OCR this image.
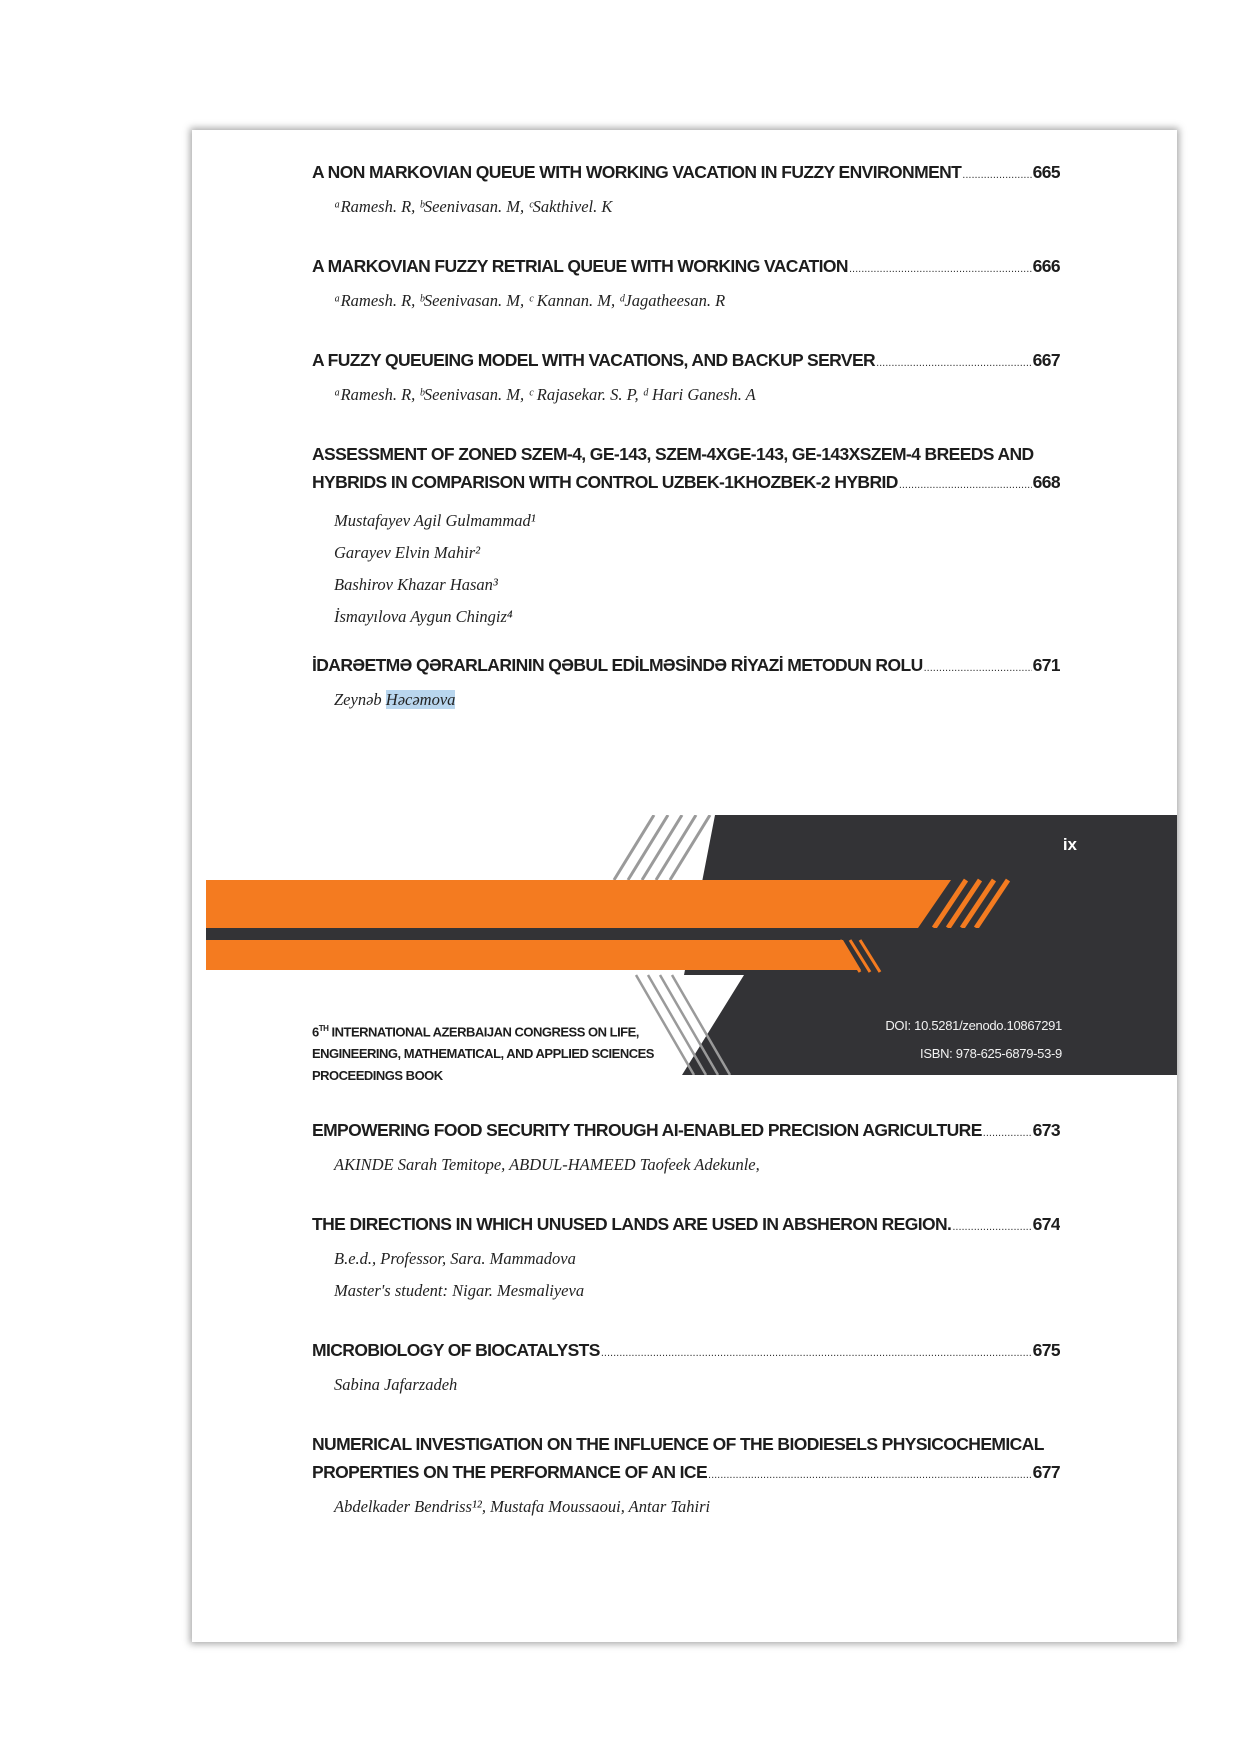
A NON MARKOVIAN QUEUE WITH WORKING VACATION IN FUZZY ENVIRONMENT .....	665
ᵃRamesh. R, ᵇSeenivasan. M, ᶜSakthivel. K
A MARKOVIAN FUZZY RETRIAL QUEUE WITH WORKING VACATION .....	666
ᵃRamesh. R, ᵇSeenivasan. M, ᶜ Kannan. M, ᵈJagatheesan. R
A FUZZY QUEUEING MODEL WITH VACATIONS, AND BACKUP SERVER .....	667
ᵃRamesh. R, ᵇSeenivasan. M, ᶜ Rajasekar. S. P, ᵈ Hari Ganesh. A
ASSESSMENT OF ZONED SZEM-4, GE-143, SZEM-4XGE-143, GE-143XSZEM-4 BREEDS AND
HYBRIDS IN COMPARISON WITH CONTROL UZBEK-1KHOZBEK-2 HYBRID .....	668
Mustafayev Agil Gulmammad¹
Garayev Elvin Mahir²
Bashirov Khazar Hasan³
İsmayılova Aygun Chingiz⁴
İDARƏETMƏ QƏRARLARININ QƏBUL EDİLMƏSİNDƏ RİYAZİ METODUN ROLU .....	671
Zeynəb Həcəmova
ix
6TH INTERNATIONAL AZERBAIJAN CONGRESS ON LIFE,
ENGINEERING, MATHEMATICAL, AND APPLIED SCIENCES
PROCEEDINGS BOOK
DOI: 10.5281/zenodo.10867291
ISBN: 978-625-6879-53-9
EMPOWERING FOOD SECURITY THROUGH AI-ENABLED PRECISION AGRICULTURE .....	673
AKINDE Sarah Temitope, ABDUL-HAMEED Taofeek Adekunle,
THE DIRECTIONS IN WHICH UNUSED LANDS ARE USED IN ABSHERON REGION. .....	674
B.e.d., Professor, Sara. Mammadova
Master's student: Nigar. Mesmaliyeva
MICROBIOLOGY OF BIOCATALYSTS .....	675
Sabina Jafarzadeh
NUMERICAL INVESTIGATION ON THE INFLUENCE OF THE BIODIESELS PHYSICOCHEMICAL
PROPERTIES ON THE PERFORMANCE OF AN ICE .....	677
Abdelkader Bendriss¹², Mustafa Moussaoui, Antar Tahiri
